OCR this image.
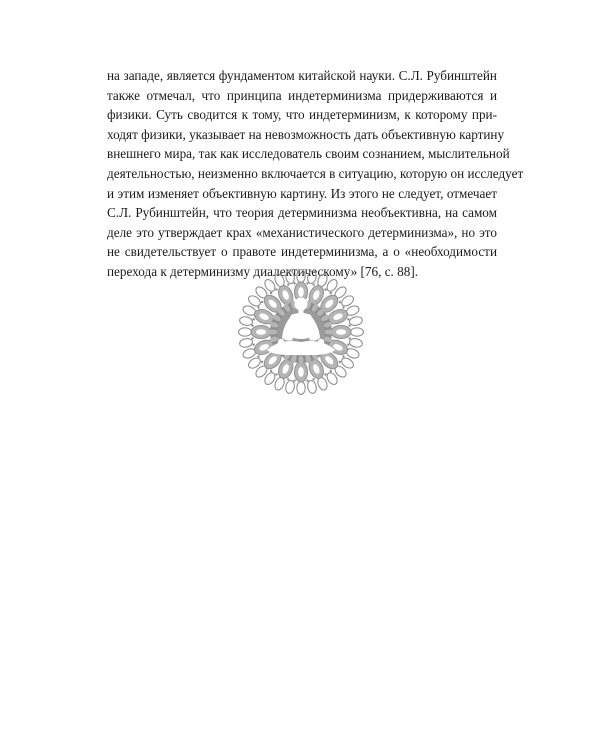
на западе, является фундаментом китайской науки. С.Л. Рубинштейн
также отмечал, что принципа индетерминизма придерживаются и
физики. Суть сводится к тому, что индетерминизм, к которому при-
ходят физики, указывает на невозможность дать объективную картину
внешнего мира, так как исследователь своим сознанием, мыслительной
деятельностью, неизменно включается в ситуацию, которую он исследует
и этим изменяет объективную картину. Из этого не следует, отмечает
С.Л. Рубинштейн, что теория детерминизма необъективна, на самом
деле это утверждает крах «механистического детерминизма», но это
не свидетельствует о правоте индетерминизма, а о «необходимости
перехода к детерминизму диалектическому» [76, с. 88].
